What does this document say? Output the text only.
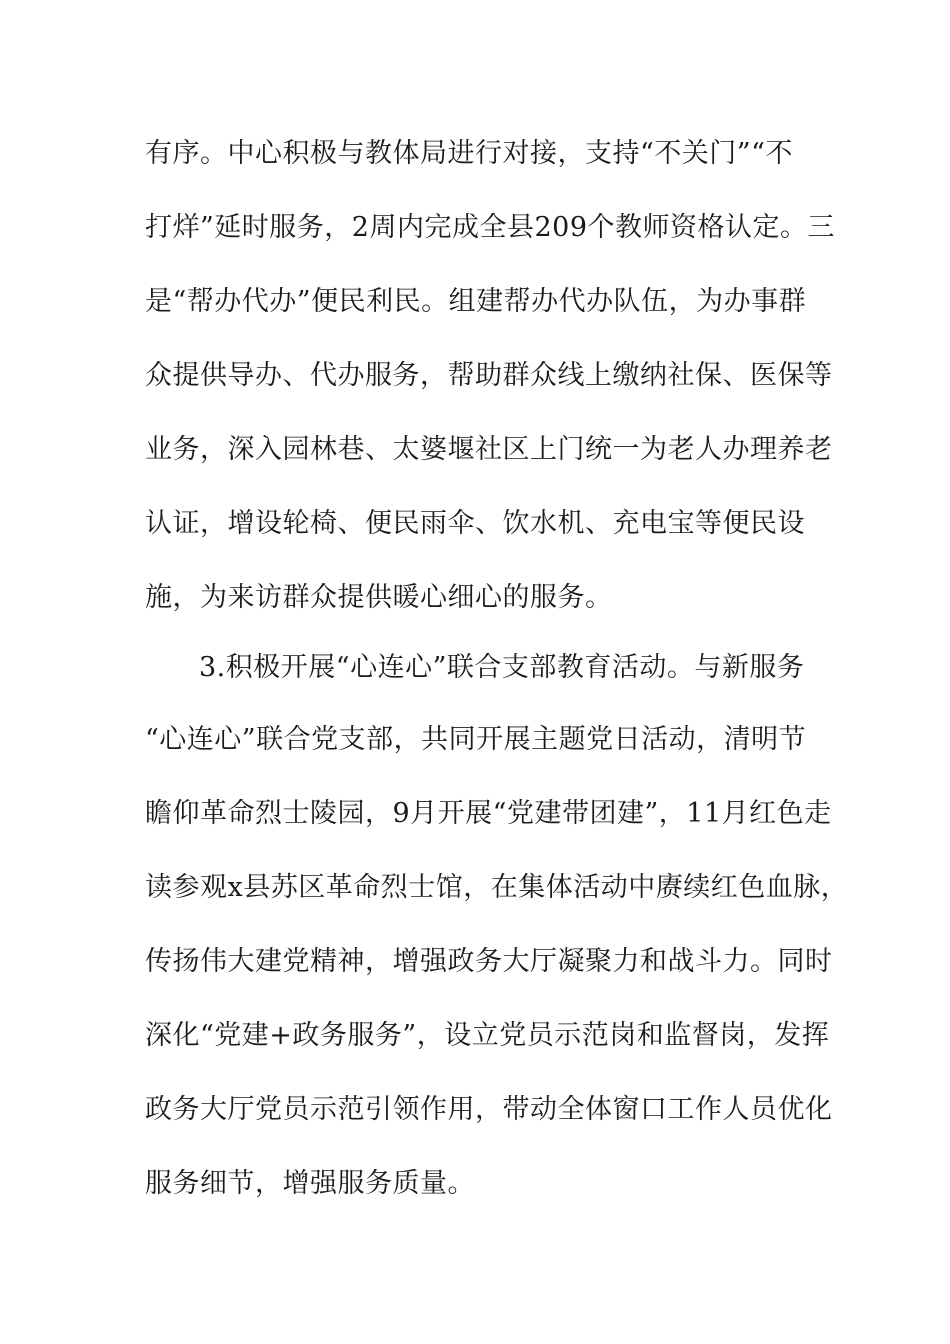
有序。中心积极与教体局进行对接，支持“不关门”“不
打烊”延时服务，2周内完成全县209个教师资格认定。三
是“帮办代办”便民利民。组建帮办代办队伍，为办事群
众提供导办、代办服务，帮助群众线上缴纳社保、医保等
业务，深入园林巷、太婆堰社区上门统一为老人办理养老
认证，增设轮椅、便民雨伞、饮水机、充电宝等便民设
施，为来访群众提供暖心细心的服务。
3.积极开展“心连心”联合支部教育活动。与新服务
“心连心”联合党支部，共同开展主题党日活动，清明节
瞻仰革命烈士陵园，9月开展“党建带团建”，11月红色走
读参观x县苏区革命烈士馆，在集体活动中赓续红色血脉，
传扬伟大建党精神，增强政务大厅凝聚力和战斗力。同时
深化“党建+政务服务”，设立党员示范岗和监督岗，发挥
政务大厅党员示范引领作用，带动全体窗口工作人员优化
服务细节，增强服务质量。
